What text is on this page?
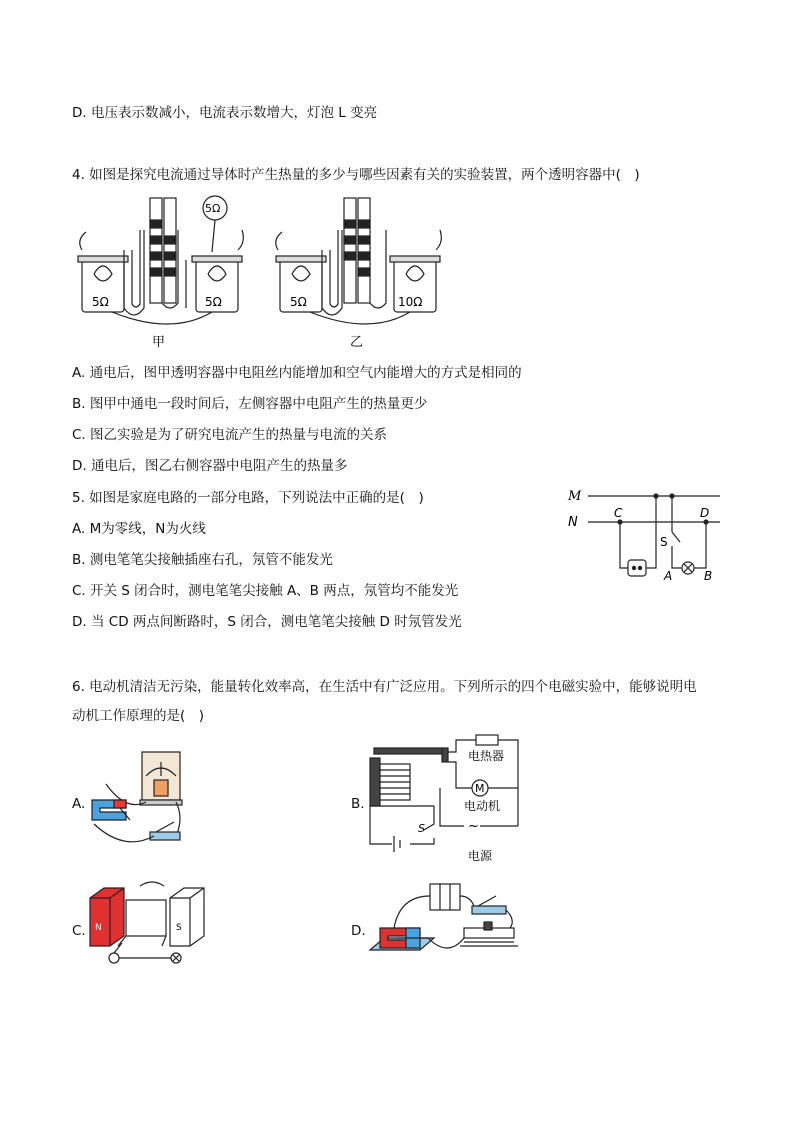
D. 电压表示数减小，电流表示数增大，灯泡 L 变亮
4. 如图是探究电流通过导体时产生热量的多少与哪些因素有关的实验装置，两个透明容器中(　)
5Ω	5Ω
5Ω
甲
5Ω	10Ω
乙
A. 通电后，图甲透明容器中电阻丝内能增加和空气内能增大的方式是相同的
B. 图甲中通电一段时间后，左侧容器中电阻产生的热量更少
C. 图乙实验是为了研究电流产生的热量与电流的关系
D. 通电后，图乙右侧容器中电阻产生的热量多
5. 如图是家庭电路的一部分电路，下列说法中正确的是(　)
A. M为零线，N为火线
B. 测电笔笔尖接触插座右孔，氖管不能发光
C. 开关 S 闭合时，测电笔笔尖接触 A、B 两点，氖管均不能发光
D. 当 CD 两点间断路时，S 闭合，测电笔笔尖接触 D 时氖管发光
M
N
C	D
S
A	B
6. 电动机清洁无污染，能量转化效率高，在生活中有广泛应用。下列所示的四个电磁实验中，能够说明电
动机工作原理的是(　)
A.	B.
电热器
M
电动机
S	~
电源
C. N	S	D.
